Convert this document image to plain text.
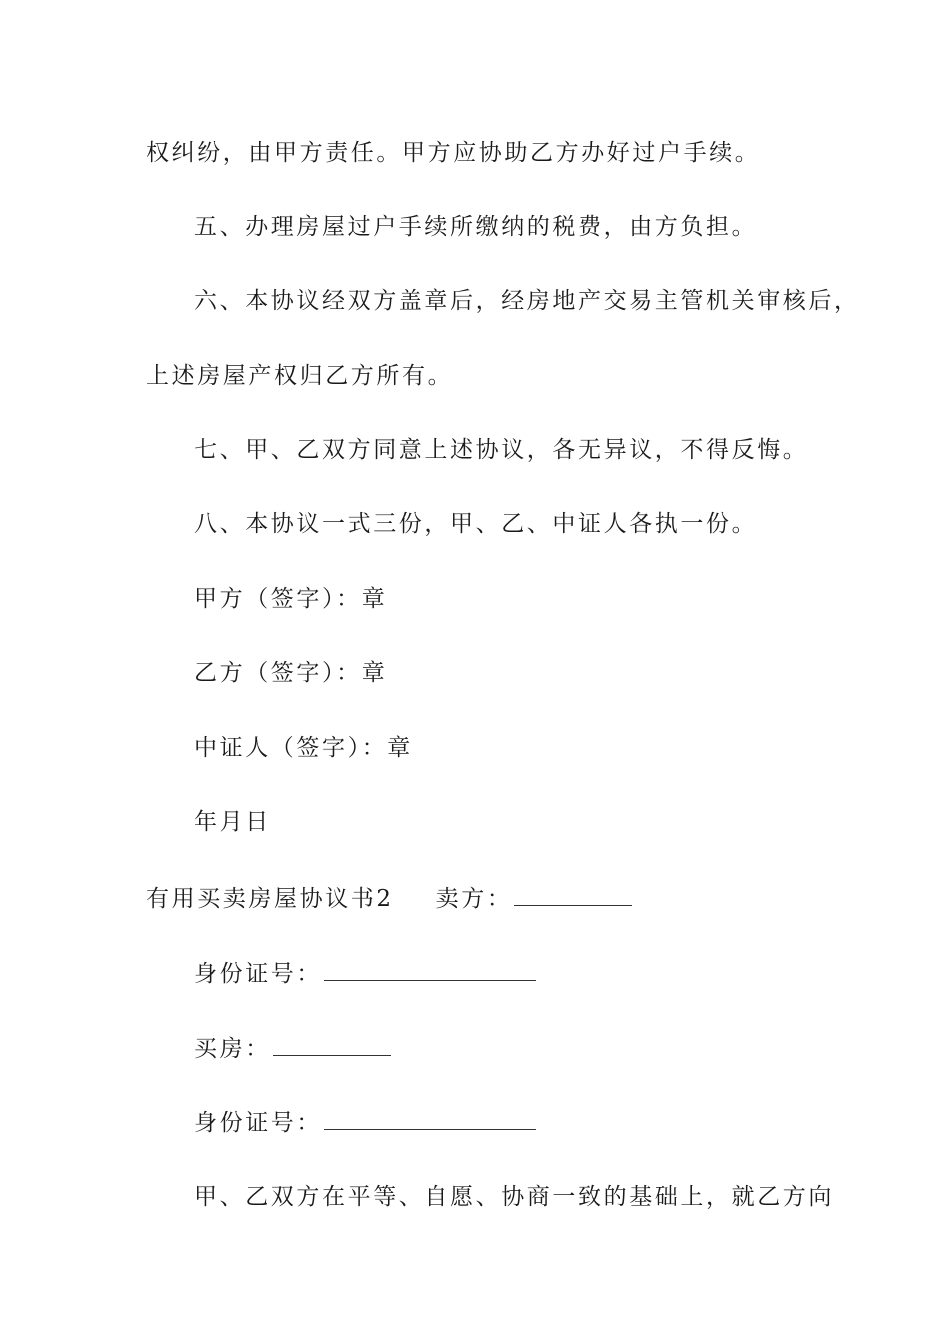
权纠纷，由甲方责任。甲方应协助乙方办好过户手续。
五、办理房屋过户手续所缴纳的税费，由方负担。
六、本协议经双方盖章后，经房地产交易主管机关审核后，
上述房屋产权归乙方所有。
七、甲、乙双方同意上述协议，各无异议，不得反悔。
八、本协议一式三份，甲、乙、中证人各执一份。
甲方（签字）：章
乙方（签字）：章
中证人（签字）：章
年月日
有用买卖房屋协议书2 卖方：
身份证号：
买房：
身份证号：
甲、乙双方在平等、自愿、协商一致的基础上，就乙方向
